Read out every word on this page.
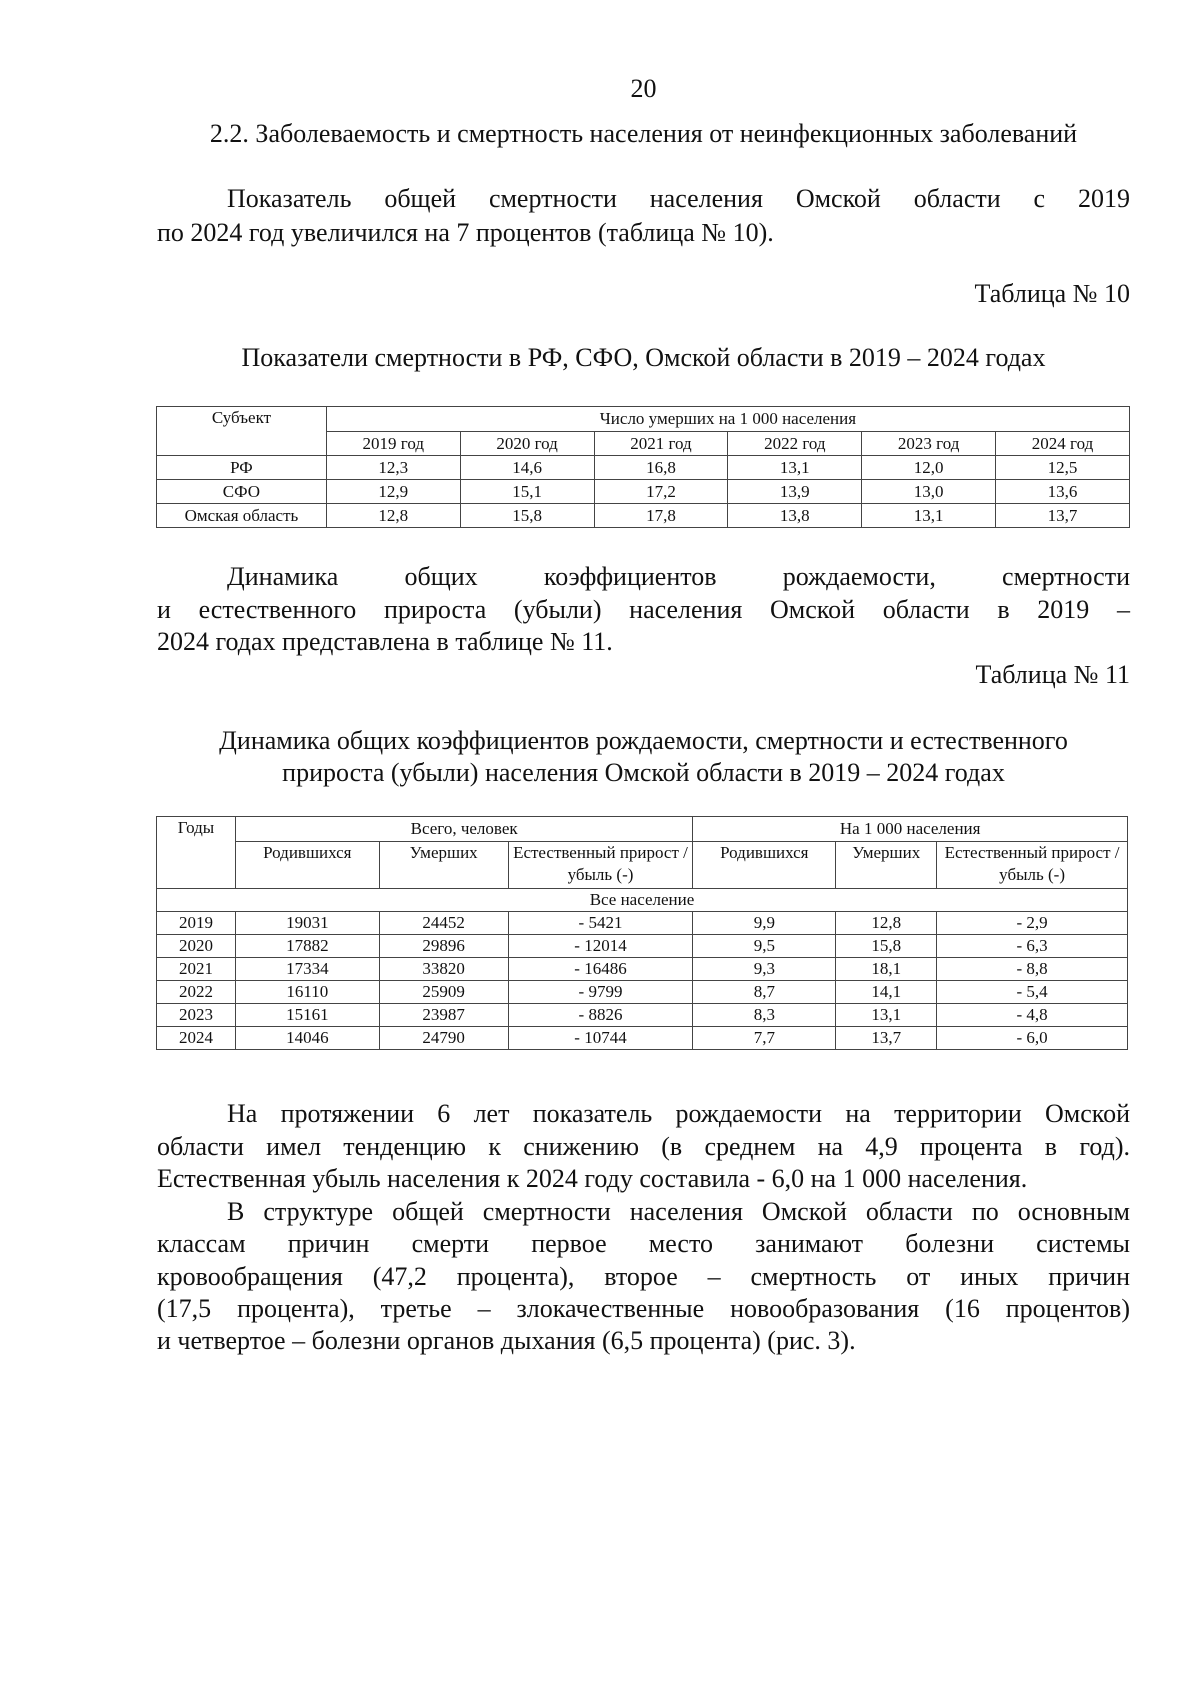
20
2.2. Заболеваемость и смертность населения от неинфекционных заболеваний
Показатель общей смертности населения Омской области с 2019
по 2024 год увеличился на 7 процентов (таблица № 10).
Таблица № 10
Показатели смертности в РФ, СФО, Омской области в 2019 – 2024 годах
Субъект	Число умерших на 1 000 населения					
	2019 год	2020 год	2021 год	2022 год	2023 год	2024 год
РФ	12,3	14,6	16,8	13,1	12,0	12,5
СФО	12,9	15,1	17,2	13,9	13,0	13,6
Омская область	12,8	15,8	17,8	13,8	13,1	13,7
Динамика общих коэффициентов рождаемости, смертности
и естественного прироста (убыли) населения Омской области в 2019 –
2024 годах представлена в таблице № 11.
Таблица № 11
Динамика общих коэффициентов рождаемости, смертности и естественного
прироста (убыли) населения Омской области в 2019 – 2024 годах
Годы	Всего, человек			На 1 000 населения		
	Родившихся	Умерших	Естественный прирост / убыль (-)	Родившихся	Умерших	Естественный прирост / убыль (-)
Все население						
2019	19031	24452	- 5421	9,9	12,8	- 2,9
2020	17882	29896	- 12014	9,5	15,8	- 6,3
2021	17334	33820	- 16486	9,3	18,1	- 8,8
2022	16110	25909	- 9799	8,7	14,1	- 5,4
2023	15161	23987	- 8826	8,3	13,1	- 4,8
2024	14046	24790	- 10744	7,7	13,7	- 6,0
На протяжении 6 лет показатель рождаемости на территории Омской
области имел тенденцию к снижению (в среднем на 4,9 процента в год).
Естественная убыль населения к 2024 году составила - 6,0 на 1 000 населения.
В структуре общей смертности населения Омской области по основным
классам причин смерти первое место занимают болезни системы
кровообращения (47,2 процента), второе – смертность от иных причин
(17,5 процента), третье – злокачественные новообразования (16 процентов)
и четвертое – болезни органов дыхания (6,5 процента) (рис. 3).
